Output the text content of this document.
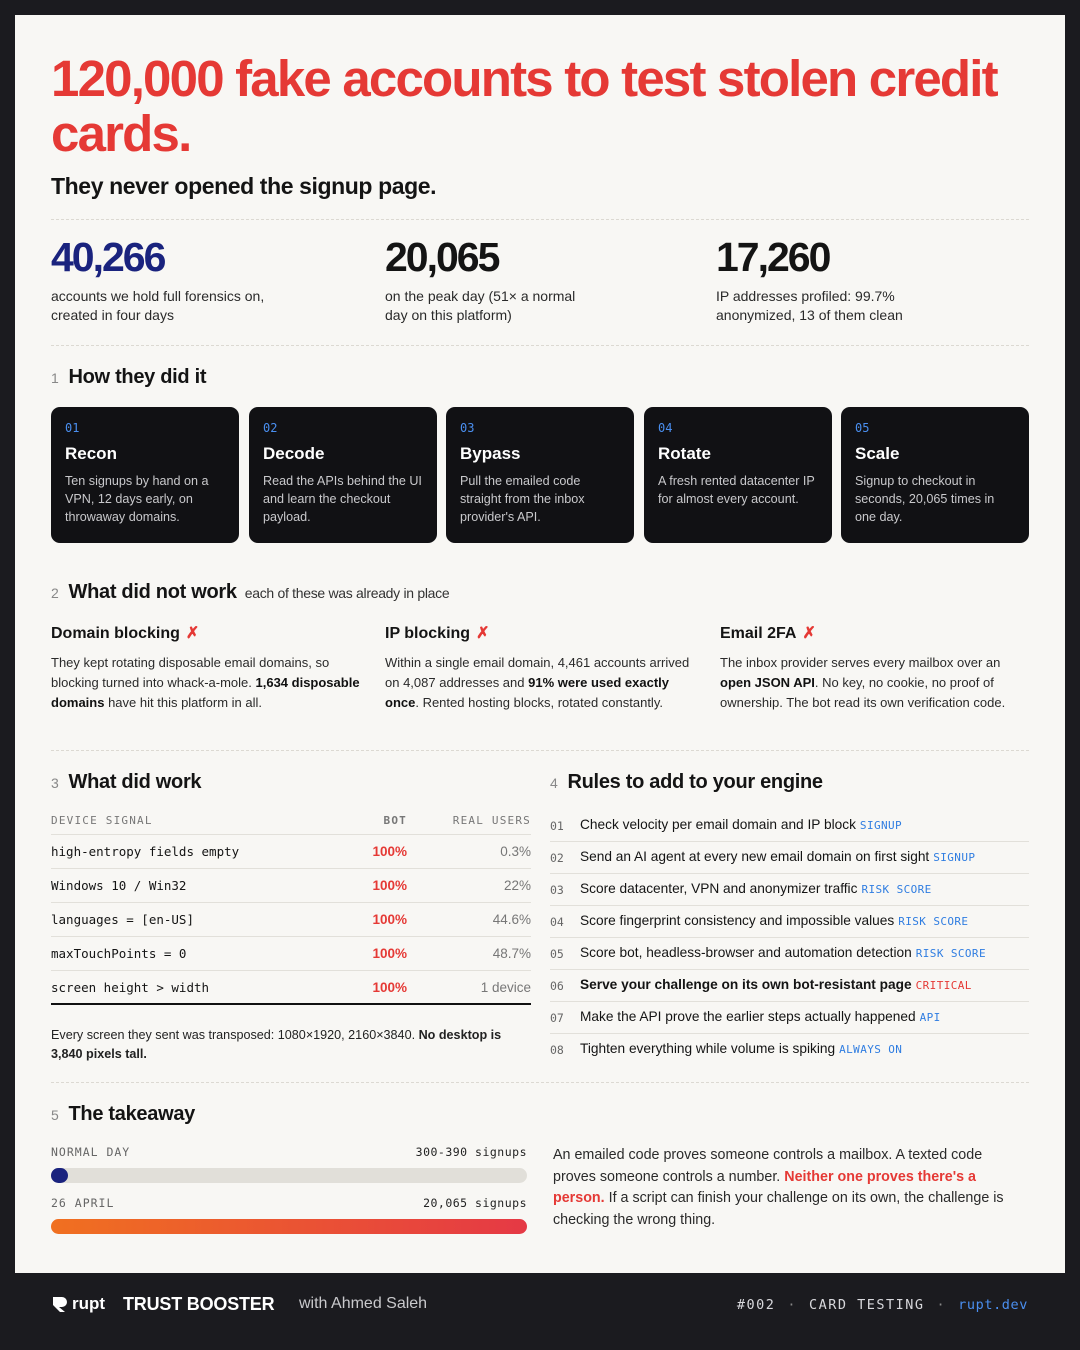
120,000 fake accounts to test stolen credit cards.
They never opened the signup page.
40,266
accounts we hold full forensics on, created in four days
20,065
on the peak day (51× a normal day on this platform)
17,260
IP addresses profiled: 99.7% anonymized, 13 of them clean
1 How they did it
01
Recon
Ten signups by hand on a VPN, 12 days early, on throwaway domains.
02
Decode
Read the APIs behind the UI and learn the checkout payload.
03
Bypass
Pull the emailed code straight from the inbox provider's API.
04
Rotate
A fresh rented datacenter IP for almost every account.
05
Scale
Signup to checkout in seconds, 20,065 times in one day.
2 What did not work each of these was already in place
Domain blocking ✗
They kept rotating disposable email domains, so blocking turned into whack-a-mole. 1,634 disposable domains have hit this platform in all.
IP blocking ✗
Within a single email domain, 4,461 accounts arrived on 4,087 addresses and 91% were used exactly once. Rented hosting blocks, rotated constantly.
Email 2FA ✗
The inbox provider serves every mailbox over an open JSON API. No key, no cookie, no proof of ownership. The bot read its own verification code.
3 What did work
DEVICE SIGNAL	BOT	REAL USERS
high-entropy fields empty	100%	0.3%
Windows 10 / Win32	100%	22%
languages = [en-US]	100%	44.6%
maxTouchPoints = 0	100%	48.7%
screen height > width	100%	1 device
Every screen they sent was transposed: 1080×1920, 2160×3840. No desktop is 3,840 pixels tall.
4 Rules to add to your engine
01 Check velocity per email domain and IP block SIGNUP
02 Send an AI agent at every new email domain on first sight SIGNUP
03 Score datacenter, VPN and anonymizer traffic RISK SCORE
04 Score fingerprint consistency and impossible values RISK SCORE
05 Score bot, headless-browser and automation detection RISK SCORE
06 Serve your challenge on its own bot-resistant page CRITICAL
07 Make the API prove the earlier steps actually happened API
08 Tighten everything while volume is spiking ALWAYS ON
5 The takeaway
NORMAL DAY	300-390 signups
26 APRIL	20,065 signups
An emailed code proves someone controls a mailbox. A texted code proves someone controls a number. Neither one proves there's a person. If a script can finish your challenge on its own, the challenge is checking the wrong thing.
rupt TRUST BOOSTER with Ahmed Saleh	#002 · CARD TESTING · rupt.dev
